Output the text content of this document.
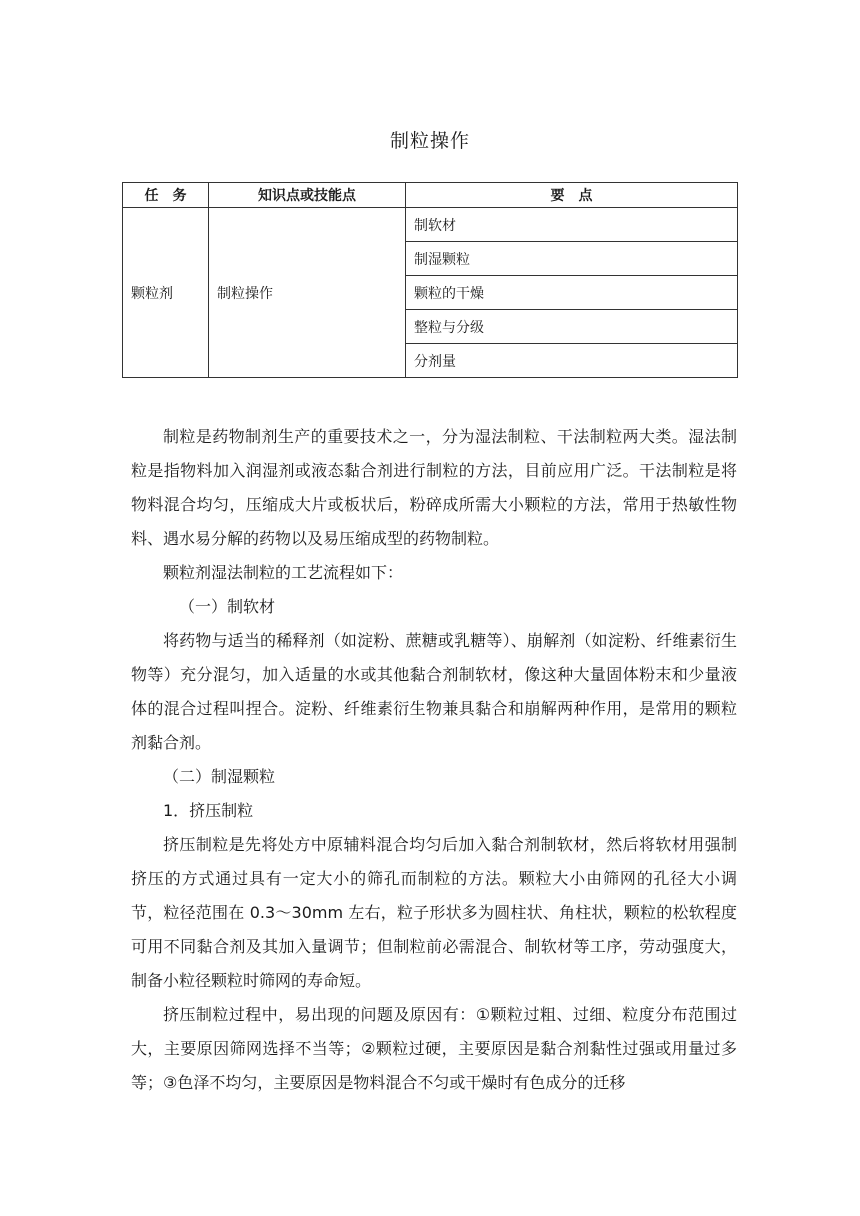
制粒操作
任　务	知识点或技能点	要　点
颗粒剂	制粒操作	制软材
		制湿颗粒
		颗粒的干燥
		整粒与分级
		分剂量

制粒是药物制剂生产的重要技术之一，分为湿法制粒、干法制粒两大类。湿法制粒是指物料加入润湿剂或液态黏合剂进行制粒的方法，目前应用广泛。干法制粒是将物料混合均匀，压缩成大片或板状后，粉碎成所需大小颗粒的方法，常用于热敏性物料、遇水易分解的药物以及易压缩成型的药物制粒。

颗粒剂湿法制粒的工艺流程如下：

（一）制软材

将药物与适当的稀释剂（如淀粉、蔗糖或乳糖等）、崩解剂（如淀粉、纤维素衍生物等）充分混匀，加入适量的水或其他黏合剂制软材，像这种大量固体粉末和少量液体的混合过程叫捏合。淀粉、纤维素衍生物兼具黏合和崩解两种作用，是常用的颗粒剂黏合剂。

（二）制湿颗粒

1．挤压制粒

挤压制粒是先将处方中原辅料混合均匀后加入黏合剂制软材，然后将软材用强制挤压的方式通过具有一定大小的筛孔而制粒的方法。颗粒大小由筛网的孔径大小调节，粒径范围在 0.3～30mm 左右，粒子形状多为圆柱状、角柱状，颗粒的松软程度可用不同黏合剂及其加入量调节；但制粒前必需混合、制软材等工序，劳动强度大，制备小粒径颗粒时筛网的寿命短。

挤压制粒过程中，易出现的问题及原因有：①颗粒过粗、过细、粒度分布范围过大，主要原因筛网选择不当等；②颗粒过硬，主要原因是黏合剂黏性过强或用量过多等；③色泽不均匀，主要原因是物料混合不匀或干燥时有色成分的迁移
